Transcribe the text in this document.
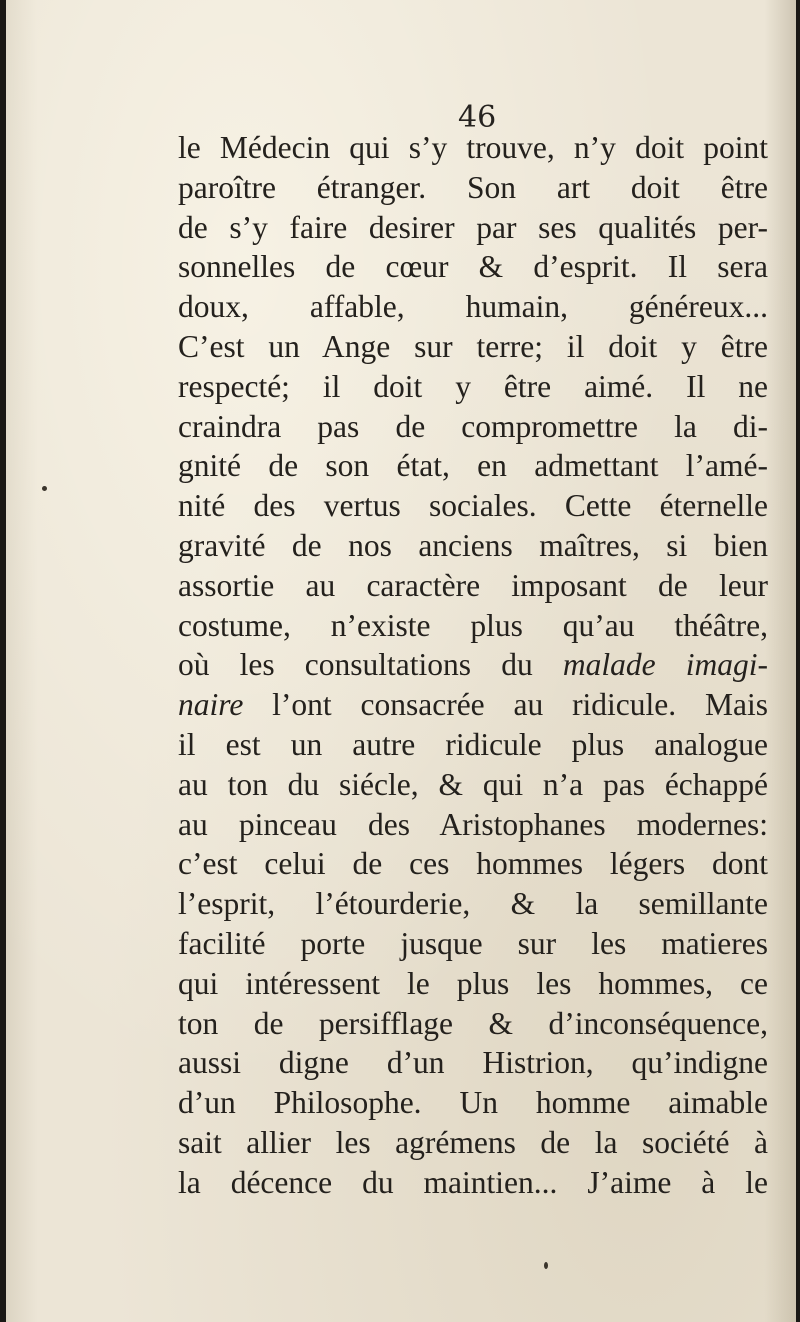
46
le Médecin qui s’y trouve, n’y doit point
paroître étranger. Son art doit être
de s’y faire desirer par ses qualités per-
sonnelles de cœur & d’esprit. Il sera
doux, affable, humain, généreux...
C’est un Ange sur terre; il doit y être
respecté; il doit y être aimé. Il ne
craindra pas de compromettre la di-
gnité de son état, en admettant l’amé-
nité des vertus sociales. Cette éternelle
gravité de nos anciens maîtres, si bien
assortie au caractère imposant de leur
costume, n’existe plus qu’au théâtre,
où les consultations du malade imagi-
naire l’ont consacrée au ridicule. Mais
il est un autre ridicule plus analogue
au ton du siécle, & qui n’a pas échappé
au pinceau des Aristophanes modernes:
c’est celui de ces hommes légers dont
l’esprit, l’étourderie, & la semillante
facilité porte jusque sur les matieres
qui intéressent le plus les hommes, ce
ton de persifflage & d’inconséquence,
aussi digne d’un Histrion, qu’indigne
d’un Philosophe. Un homme aimable
sait allier les agrémens de la société à
la décence du maintien... J’aime à le
